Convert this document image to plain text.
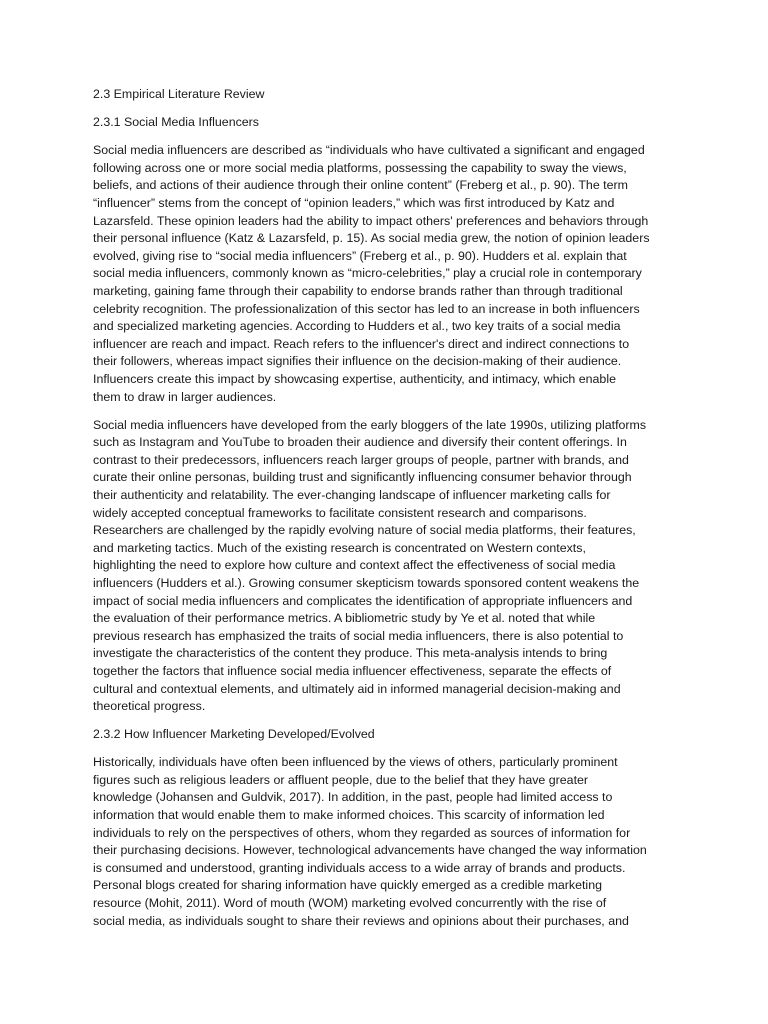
2.3 Empirical Literature Review
2.3.1 Social Media Influencers
Social media influencers are described as “individuals who have cultivated a significant and engaged
following across one or more social media platforms, possessing the capability to sway the views,
beliefs, and actions of their audience through their online content” (Freberg et al., p. 90). The term
“influencer” stems from the concept of “opinion leaders,” which was first introduced by Katz and
Lazarsfeld. These opinion leaders had the ability to impact others' preferences and behaviors through
their personal influence (Katz & Lazarsfeld, p. 15). As social media grew, the notion of opinion leaders
evolved, giving rise to “social media influencers” (Freberg et al., p. 90). Hudders et al. explain that
social media influencers, commonly known as “micro-celebrities,” play a crucial role in contemporary
marketing, gaining fame through their capability to endorse brands rather than through traditional
celebrity recognition. The professionalization of this sector has led to an increase in both influencers
and specialized marketing agencies. According to Hudders et al., two key traits of a social media
influencer are reach and impact. Reach refers to the influencer's direct and indirect connections to
their followers, whereas impact signifies their influence on the decision-making of their audience.
Influencers create this impact by showcasing expertise, authenticity, and intimacy, which enable
them to draw in larger audiences.
Social media influencers have developed from the early bloggers of the late 1990s, utilizing platforms
such as Instagram and YouTube to broaden their audience and diversify their content offerings. In
contrast to their predecessors, influencers reach larger groups of people, partner with brands, and
curate their online personas, building trust and significantly influencing consumer behavior through
their authenticity and relatability. The ever-changing landscape of influencer marketing calls for
widely accepted conceptual frameworks to facilitate consistent research and comparisons.
Researchers are challenged by the rapidly evolving nature of social media platforms, their features,
and marketing tactics. Much of the existing research is concentrated on Western contexts,
highlighting the need to explore how culture and context affect the effectiveness of social media
influencers (Hudders et al.). Growing consumer skepticism towards sponsored content weakens the
impact of social media influencers and complicates the identification of appropriate influencers and
the evaluation of their performance metrics. A bibliometric study by Ye et al. noted that while
previous research has emphasized the traits of social media influencers, there is also potential to
investigate the characteristics of the content they produce. This meta-analysis intends to bring
together the factors that influence social media influencer effectiveness, separate the effects of
cultural and contextual elements, and ultimately aid in informed managerial decision-making and
theoretical progress.
2.3.2 How Influencer Marketing Developed/Evolved
Historically, individuals have often been influenced by the views of others, particularly prominent
figures such as religious leaders or affluent people, due to the belief that they have greater
knowledge (Johansen and Guldvik, 2017). In addition, in the past, people had limited access to
information that would enable them to make informed choices. This scarcity of information led
individuals to rely on the perspectives of others, whom they regarded as sources of information for
their purchasing decisions. However, technological advancements have changed the way information
is consumed and understood, granting individuals access to a wide array of brands and products.
Personal blogs created for sharing information have quickly emerged as a credible marketing
resource (Mohit, 2011). Word of mouth (WOM) marketing evolved concurrently with the rise of
social media, as individuals sought to share their reviews and opinions about their purchases, and
